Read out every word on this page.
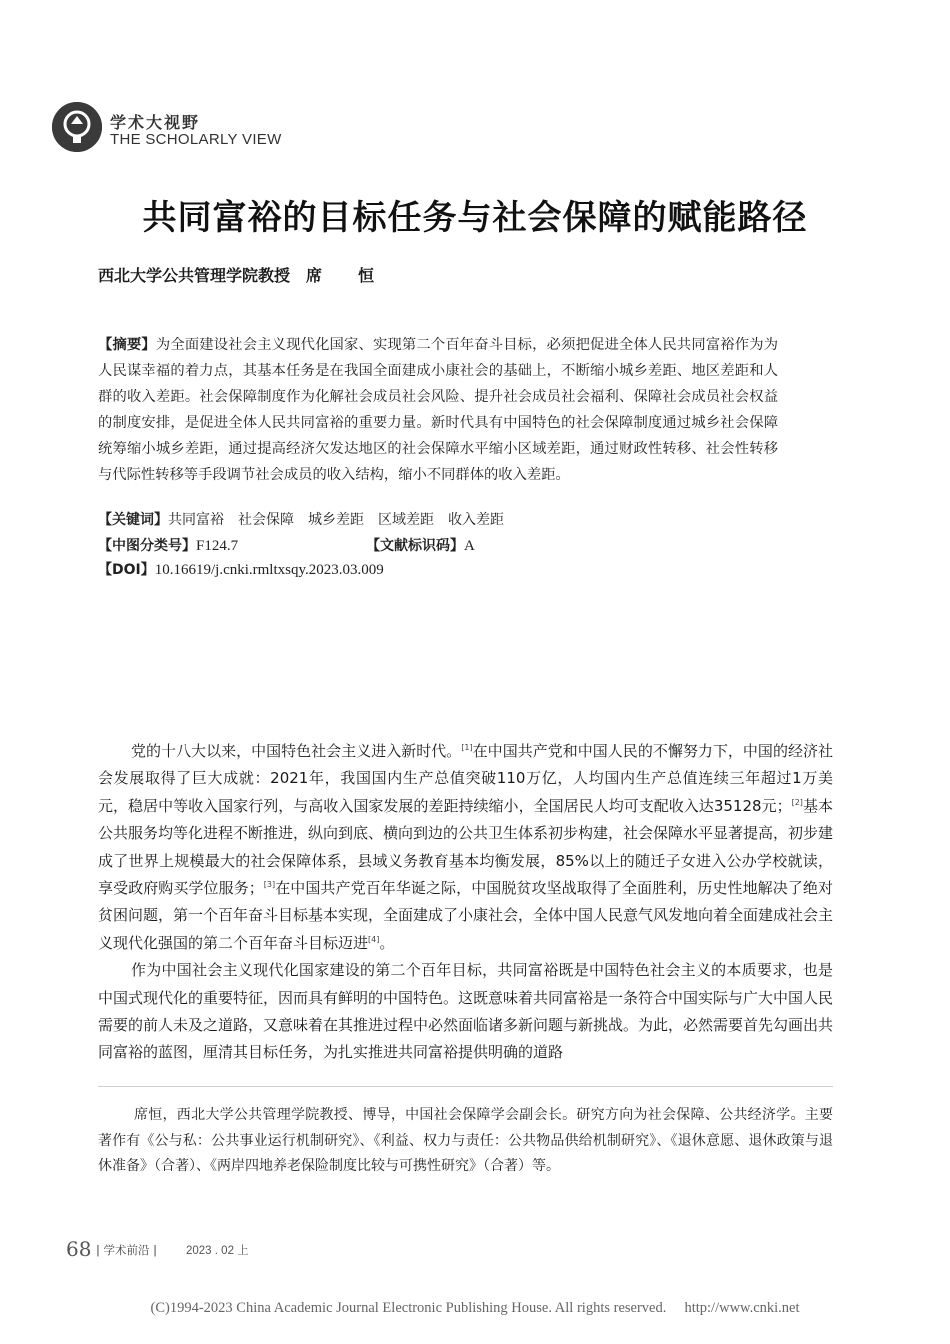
学术大视野
THE SCHOLARLY VIEW
共同富裕的目标任务与社会保障的赋能路径
西北大学公共管理学院教授 席　恒
【摘要】为全面建设社会主义现代化国家、实现第二个百年奋斗目标，必须把促进全体人民共同富裕作为为人民谋幸福的着力点，其基本任务是在我国全面建成小康社会的基础上，不断缩小城乡差距、地区差距和人群的收入差距。社会保障制度作为化解社会成员社会风险、提升社会成员社会福利、保障社会成员社会权益的制度安排，是促进全体人民共同富裕的重要力量。新时代具有中国特色的社会保障制度通过城乡社会保障统筹缩小城乡差距，通过提高经济欠发达地区的社会保障水平缩小区域差距，通过财政性转移、社会性转移与代际性转移等手段调节社会成员的收入结构，缩小不同群体的收入差距。
【关键词】共同富裕　社会保障　城乡差距　区域差距　收入差距
【中图分类号】F124.7	【文献标识码】A
【DOI】10.16619/j.cnki.rmltxsqy.2023.03.009

党的十八大以来，中国特色社会主义进入新时代。[1]在中国共产党和中国人民的不懈努力下，中国的经济社会发展取得了巨大成就：2021年，我国国内生产总值突破110万亿，人均国内生产总值连续三年超过1万美元，稳居中等收入国家行列，与高收入国家发展的差距持续缩小，全国居民人均可支配收入达35128元；[2]基本公共服务均等化进程不断推进，纵向到底、横向到边的公共卫生体系初步构建，社会保障水平显著提高，初步建成了世界上规模最大的社会保障体系，县域义务教育基本均衡发展，85%以上的随迁子女进入公办学校就读，享受政府购买学位服务；[3]在中国共产党百年华诞之际，中国脱贫攻坚战取得了全面胜利，历史性地解决了绝对贫困问题，第一个百年奋斗目标基本实现，全面建成了小康社会，全体中国人民意气风发地向着全面建成社会主义现代化强国的第二个百年奋斗目标迈进[4]。

作为中国社会主义现代化国家建设的第二个百年目标，共同富裕既是中国特色社会主义的本质要求，也是中国式现代化的重要特征，因而具有鲜明的中国特色。这既意味着共同富裕是一条符合中国实际与广大中国人民需要的前人未及之道路，又意味着在其推进过程中必然面临诸多新问题与新挑战。为此，必然需要首先勾画出共同富裕的蓝图，厘清其目标任务，为扎实推进共同富裕提供明确的道路

席恒，西北大学公共管理学院教授、博导，中国社会保障学会副会长。研究方向为社会保障、公共经济学。主要著作有《公与私：公共事业运行机制研究》、《利益、权力与责任：公共物品供给机制研究》、《退休意愿、退休政策与退休准备》（合著）、《两岸四地养老保险制度比较与可携性研究》（合著）等。

68 | 学术前沿 |	2023 . 02 上
(C)1994-2023 China Academic Journal Electronic Publishing House. All rights reserved.　 http://www.cnki.net
